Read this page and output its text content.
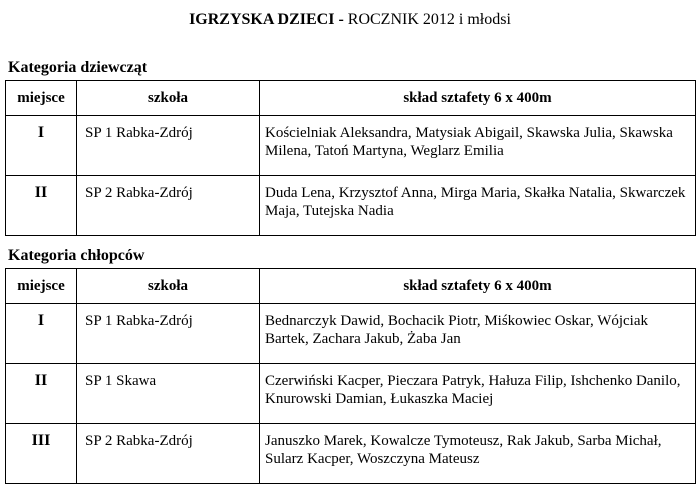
IGRZYSKA DZIECI - ROCZNIK 2012 i młodsi
Kategoria dziewcząt
miejsce	szkoła	skład sztafety 6 x 400m
I	SP 1 Rabka-Zdrój	Kościelniak Aleksandra, Matysiak Abigail, Skawska Julia, Skawska Milena, Tatoń Martyna, Weglarz Emilia
II	SP 2 Rabka-Zdrój	Duda Lena, Krzysztof Anna, Mirga Maria, Skałka Natalia, Skwarczek Maja, Tutejska Nadia
Kategoria chłopców
miejsce	szkoła	skład sztafety 6 x 400m
I	SP 1 Rabka-Zdrój	Bednarczyk Dawid, Bochacik Piotr, Miśkowiec Oskar, Wójciak Bartek, Zachara Jakub, Żaba Jan
II	SP 1 Skawa	Czerwiński Kacper, Pieczara Patryk, Hałuza Filip, Ishchenko Danilo, Knurowski Damian, Łukaszka Maciej
III	SP 2 Rabka-Zdrój	Januszko Marek, Kowalcze Tymoteusz, Rak Jakub, Sarba Michał, Sularz Kacper, Woszczyna Mateusz
